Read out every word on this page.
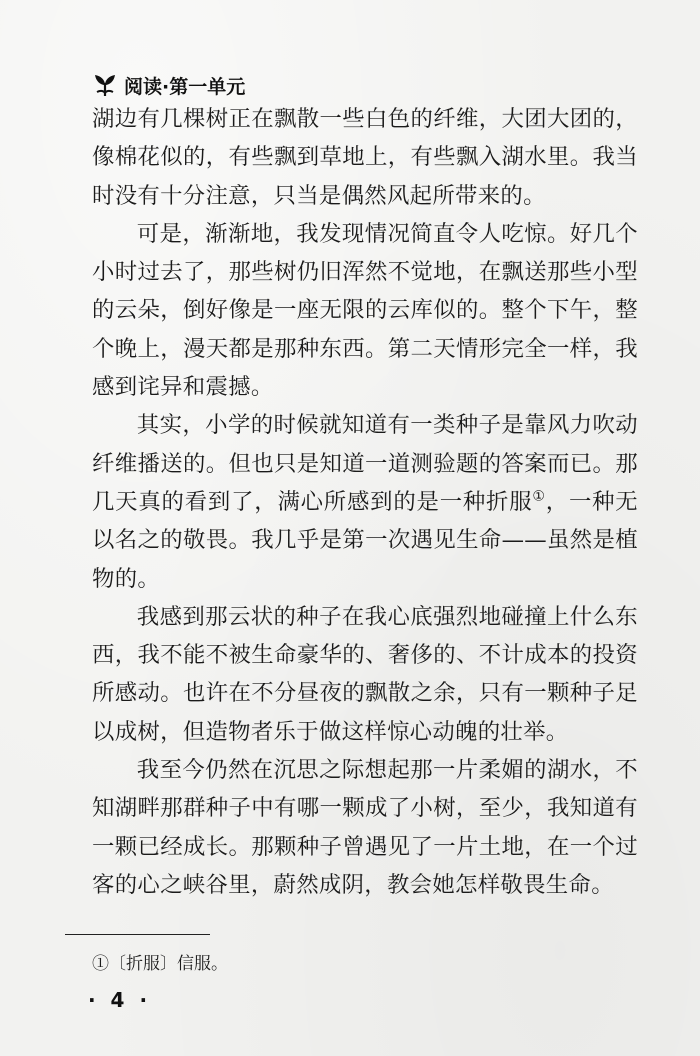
阅读·第一单元

湖边有几棵树正在飘散一些白色的纤维，大团大团的，像棉花似的，有些飘到草地上，有些飘入湖水里。我当时没有十分注意，只当是偶然风起所带来的。

可是，渐渐地，我发现情况简直令人吃惊。好几个小时过去了，那些树仍旧浑然不觉地，在飘送那些小型的云朵，倒好像是一座无限的云库似的。整个下午，整个晚上，漫天都是那种东西。第二天情形完全一样，我感到诧异和震撼。

其实，小学的时候就知道有一类种子是靠风力吹动纤维播送的。但也只是知道一道测验题的答案而已。那几天真的看到了，满心所感到的是一种折服①，一种无以名之的敬畏。我几乎是第一次遇见生命——虽然是植物的。

我感到那云状的种子在我心底强烈地碰撞上什么东西，我不能不被生命豪华的、奢侈的、不计成本的投资所感动。也许在不分昼夜的飘散之余，只有一颗种子足以成树，但造物者乐于做这样惊心动魄的壮举。

我至今仍然在沉思之际想起那一片柔媚的湖水，不知湖畔那群种子中有哪一颗成了小树，至少，我知道有一颗已经成长。那颗种子曾遇见了一片土地，在一个过客的心之峡谷里，蔚然成阴，教会她怎样敬畏生命。

①〔折服〕信服。
· 4 ·
